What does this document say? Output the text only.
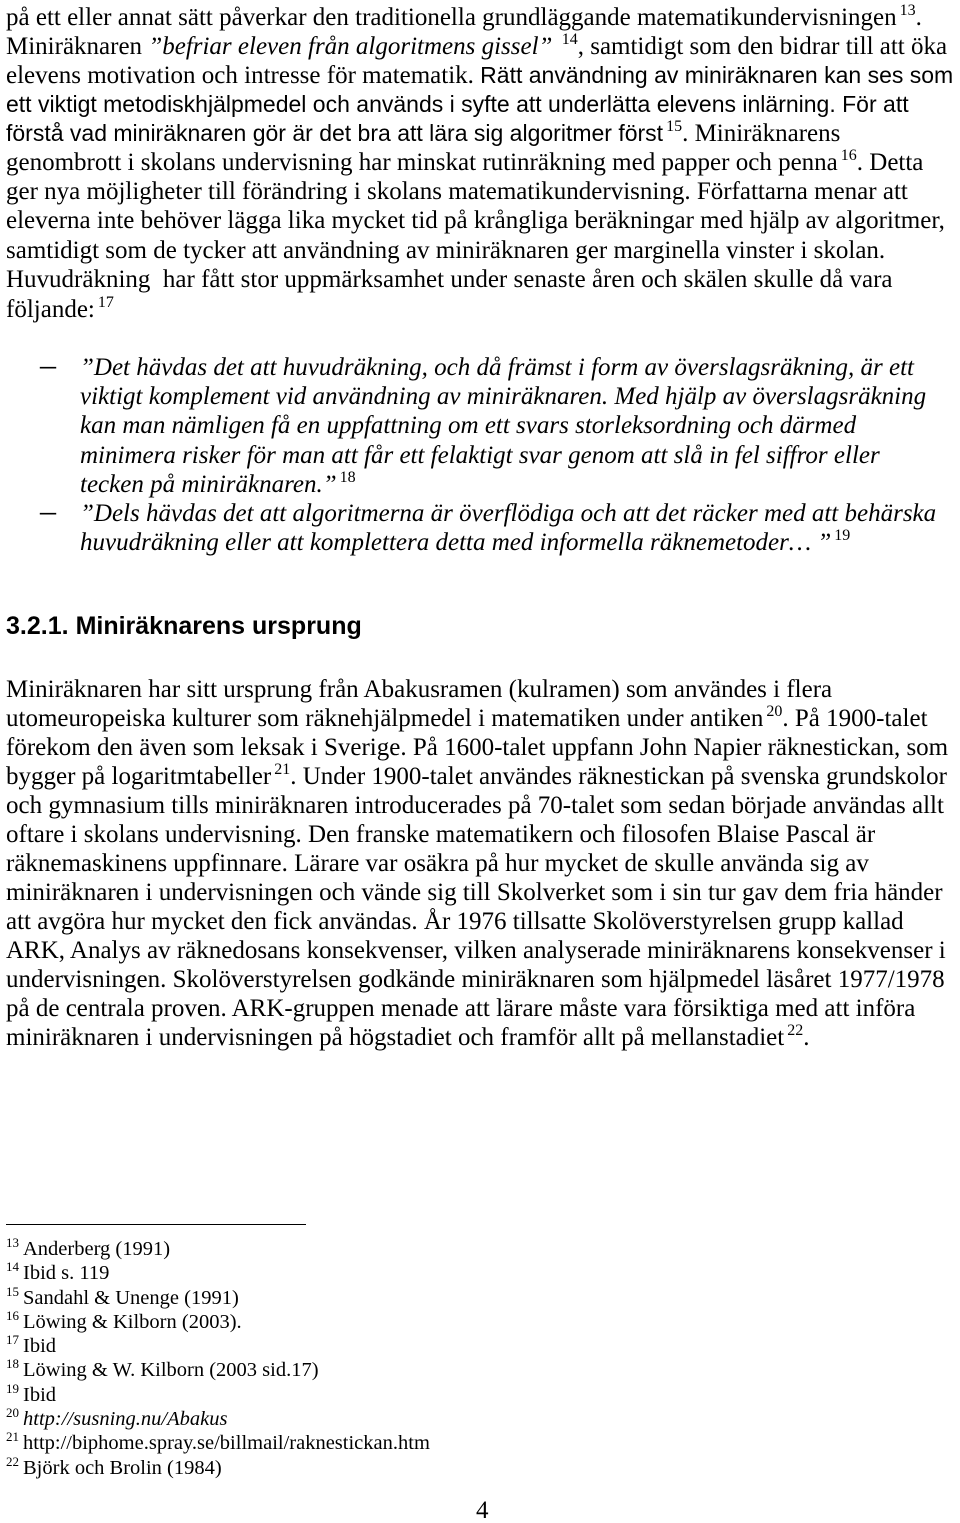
på ett eller annat sätt påverkar den traditionella grundläggande matematikundervisningen $^{13}$.
Miniräknaren ”befriar eleven från algoritmens gissel” $^{14}$, samtidigt som den bidrar till att öka
elevens motivation och intresse för matematik. Rätt användning av miniräknaren kan ses som
ett viktigt metodiskhjälpmedel och används i syfte att underlätta elevens inlärning. För att
förstå vad miniräknaren gör är det bra att lära sig algoritmer först $^{15}$. Miniräknarens
genombrott i skolans undervisning har minskat rutinräkning med papper och penna $^{16}$. Detta
ger nya möjligheter till förändring i skolans matematikundervisning. Författarna menar att
eleverna inte behöver lägga lika mycket tid på krångliga beräkningar med hjälp av algoritmer,
samtidigt som de tycker att användning av miniräknaren ger marginella vinster i skolan.
Huvudräkning  har fått stor uppmärksamhet under senaste åren och skälen skulle då vara
följande: $^{17}$
– ”Det hävdas det att huvudräkning, och då främst i form av överslagsräkning, är ett
viktigt komplement vid användning av miniräknaren. Med hjälp av överslagsräkning
kan man nämligen få en uppfattning om ett svars storleksordning och därmed
minimera risker för man att får ett felaktigt svar genom att slå in fel siffror eller
tecken på miniräknaren.” $^{18}$
– ”Dels hävdas det att algoritmerna är överflödiga och att det räcker med att behärska
huvudräkning eller att komplettera detta med informella räknemetoder… ” $^{19}$
3.2.1. Miniräknarens ursprung
Miniräknaren har sitt ursprung från Abakusramen (kulramen) som användes i flera
utomeuropeiska kulturer som räknehjälpmedel i matematiken under antiken $^{20}$. På 1900-talet
förekom den även som leksak i Sverige. På 1600-talet uppfann John Napier räknestickan, som
bygger på logaritmtabeller $^{21}$. Under 1900-talet användes räknestickan på svenska grundskolor
och gymnasium tills miniräknaren introducerades på 70-talet som sedan började användas allt
oftare i skolans undervisning. Den franske matematikern och filosofen Blaise Pascal är
räknemaskinens uppfinnare. Lärare var osäkra på hur mycket de skulle använda sig av
miniräknaren i undervisningen och vände sig till Skolverket som i sin tur gav dem fria händer
att avgöra hur mycket den fick användas. År 1976 tillsatte Skolöverstyrelsen grupp kallad
ARK, Analys av räknedosans konsekvenser, vilken analyserade miniräknarens konsekvenser i
undervisningen. Skolöverstyrelsen godkände miniräknaren som hjälpmedel läsåret 1977/1978
på de centrala proven. ARK-gruppen menade att lärare måste vara försiktiga med att införa
miniräknaren i undervisningen på högstadiet och framför allt på mellanstadiet $^{22}$.
$^{13}$ Anderberg (1991)
$^{14}$ Ibid s. 119
$^{15}$ Sandahl & Unenge (1991)
$^{16}$ Löwing & Kilborn (2003).
$^{17}$ Ibid
$^{18}$ Löwing & W. Kilborn (2003 sid.17)
$^{19}$ Ibid
$^{20}$ http://susning.nu/Abakus
$^{21}$ http://biphome.spray.se/billmail/raknestickan.htm
$^{22}$ Björk och Brolin (1984)
4
